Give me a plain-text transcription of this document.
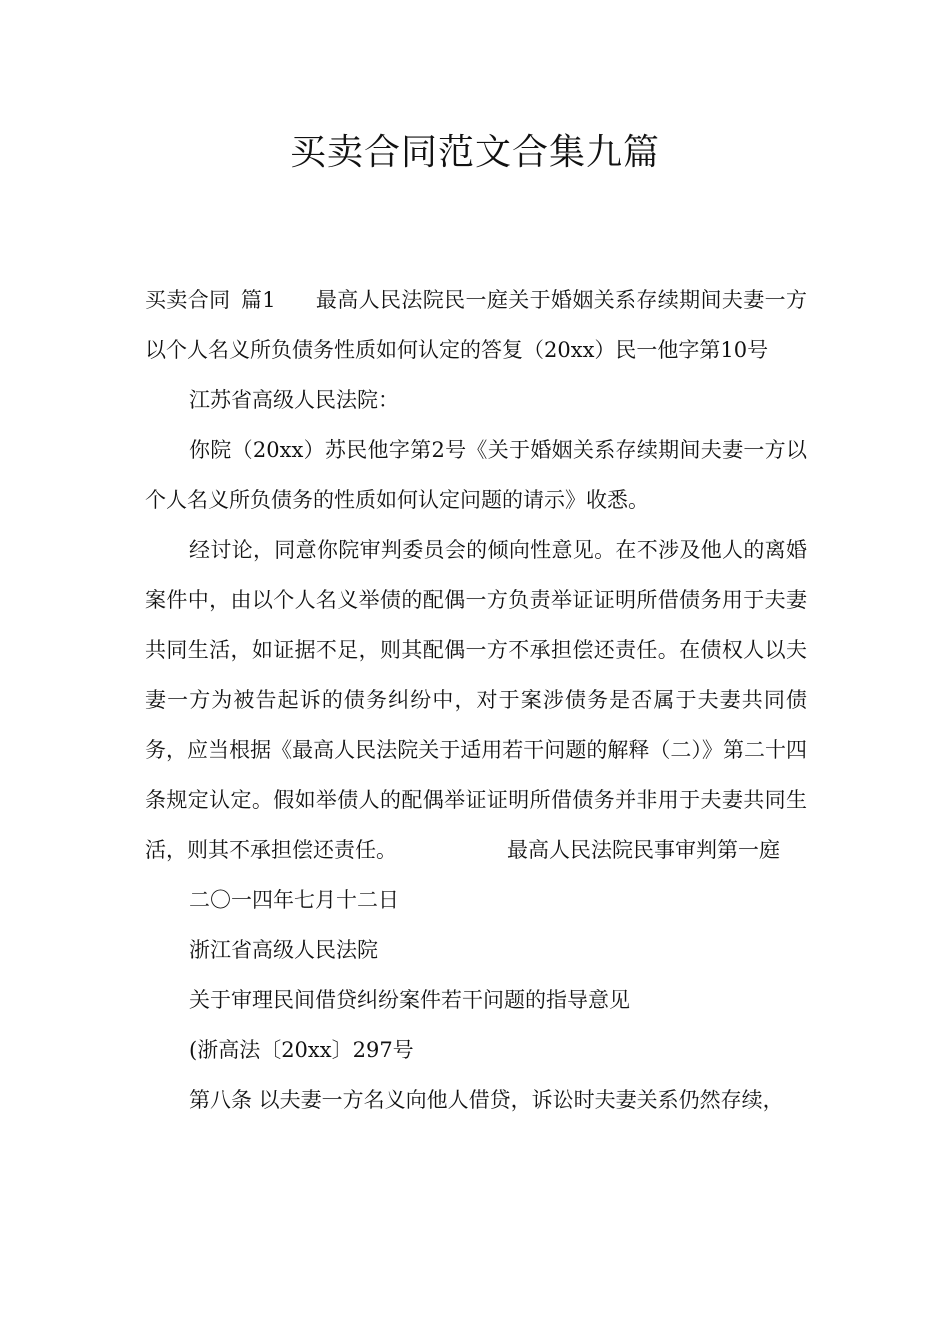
买卖合同范文合集九篇

买卖合同 篇1 最高人民法院民一庭关于婚姻关系存续期间夫妻一方以个人名义所负债务性质如何认定的答复（20xx）民一他字第10号

江苏省高级人民法院：

你院（20xx）苏民他字第2号《关于婚姻关系存续期间夫妻一方以个人名义所负债务的性质如何认定问题的请示》收悉。

经讨论，同意你院审判委员会的倾向性意见。在不涉及他人的离婚案件中，由以个人名义举债的配偶一方负责举证证明所借债务用于夫妻共同生活，如证据不足，则其配偶一方不承担偿还责任。在债权人以夫妻一方为被告起诉的债务纠纷中，对于案涉债务是否属于夫妻共同债务，应当根据《最高人民法院关于适用若干问题的解释（二）》第二十四条规定认定。假如举债人的配偶举证证明所借债务并非用于夫妻共同生活，则其不承担偿还责任。	最高人民法院民事审判第一庭

二〇一四年七月十二日

浙江省高级人民法院

关于审理民间借贷纠纷案件若干问题的指导意见

(浙高法〔20xx〕297号

第八条 以夫妻一方名义向他人借贷，诉讼时夫妻关系仍然存续，
